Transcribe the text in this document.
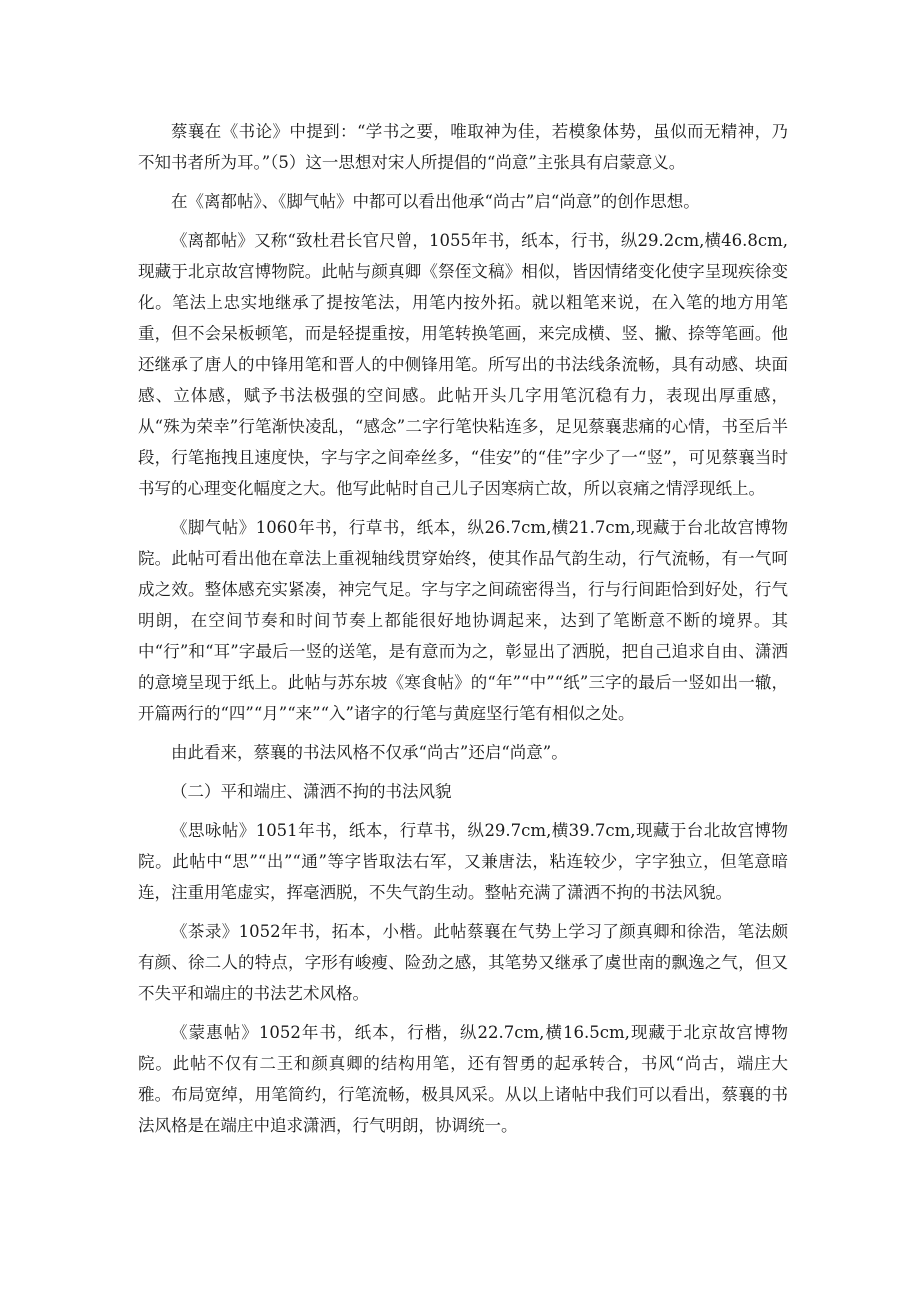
蔡襄在《书论》中提到：“学书之要，唯取神为佳，若模象体势，虽似而无精神，乃不知书者所为耳。”（5）这一思想对宋人所提倡的“尚意”主张具有启蒙意义。

在《离都帖》、《脚气帖》中都可以看出他承“尚古”启“尚意”的创作思想。

《离都帖》又称“致杜君长官尺曾，1055年书，纸本，行书，纵29.2cm,横46.8cm,现藏于北京故宫博物院。此帖与颜真卿《祭侄文稿》相似，皆因情绪变化使字呈现疾徐变化。笔法上忠实地继承了提按笔法，用笔内按外拓。就以粗笔来说，在入笔的地方用笔重，但不会呆板顿笔，而是轻提重按，用笔转换笔画，来完成横、竖、撇、捺等笔画。他还继承了唐人的中锋用笔和晋人的中侧锋用笔。所写出的书法线条流畅，具有动感、块面感、立体感，赋予书法极强的空间感。此帖开头几字用笔沉稳有力，表现出厚重感，从“殊为荣幸”行笔渐快凌乱，“感念”二字行笔快粘连多，足见蔡襄悲痛的心情，书至后半段，行笔拖拽且速度快，字与字之间牵丝多，“佳安”的“佳”字少了一“竖”，可见蔡襄当时书写的心理变化幅度之大。他写此帖时自己儿子因寒病亡故，所以哀痛之情浮现纸上。

《脚气帖》1060年书，行草书，纸本，纵26.7cm,横21.7cm,现藏于台北故宫博物院。此帖可看出他在章法上重视轴线贯穿始终，使其作品气韵生动，行气流畅，有一气呵成之效。整体感充实紧凑，神完气足。字与字之间疏密得当，行与行间距恰到好处，行气明朗，在空间节奏和时间节奏上都能很好地协调起来，达到了笔断意不断的境界。其中“行”和“耳”字最后一竖的送笔，是有意而为之，彰显出了洒脱，把自己追求自由、潇洒的意境呈现于纸上。此帖与苏东坡《寒食帖》的“年”“中”“纸”三字的最后一竖如出一辙，开篇两行的“四”“月”“来”“入”诸字的行笔与黄庭坚行笔有相似之处。

由此看来，蔡襄的书法风格不仅承“尚古”还启“尚意”。

（二）平和端庄、潇洒不拘的书法风貌

《思咏帖》1051年书，纸本，行草书，纵29.7cm,横39.7cm,现藏于台北故宫博物院。此帖中“思”“出”“通”等字皆取法右军，又兼唐法，粘连较少，字字独立，但笔意暗连，注重用笔虚实，挥毫洒脱，不失气韵生动。整帖充满了潇洒不拘的书法风貌。

《茶录》1052年书，拓本，小楷。此帖蔡襄在气势上学习了颜真卿和徐浩，笔法颇有颜、徐二人的特点，字形有峻瘦、险劲之感，其笔势又继承了虞世南的飘逸之气，但又不失平和端庄的书法艺术风格。

《蒙惠帖》1052年书，纸本，行楷，纵22.7cm,横16.5cm,现藏于北京故宫博物院。此帖不仅有二王和颜真卿的结构用笔，还有智勇的起承转合，书风“尚古，端庄大雅。布局宽绰，用笔简约，行笔流畅，极具风采。从以上诸帖中我们可以看出，蔡襄的书法风格是在端庄中追求潇洒，行气明朗，协调统一。
